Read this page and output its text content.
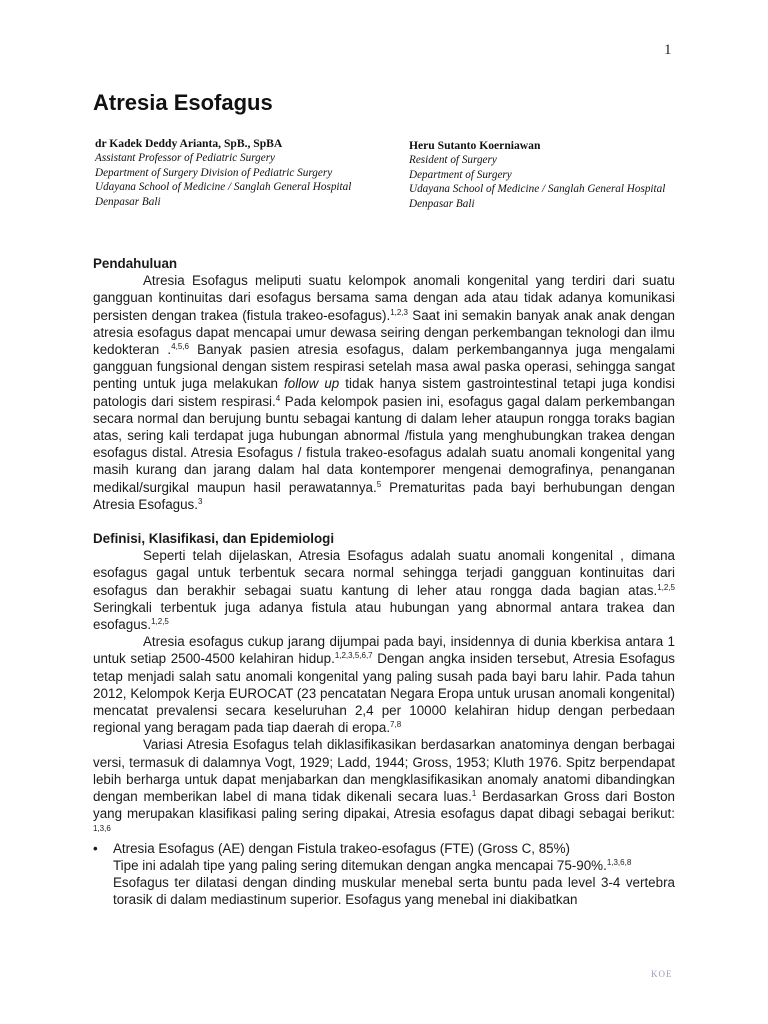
1
Atresia Esofagus
dr Kadek Deddy Arianta, SpB., SpBA
Assistant Professor of Pediatric Surgery
Department of Surgery Division of Pediatric Surgery
Udayana School of Medicine / Sanglah General Hospital
Denpasar Bali
Heru Sutanto Koerniawan
Resident of Surgery
Department of Surgery
Udayana School of Medicine / Sanglah General Hospital
Denpasar Bali
Pendahuluan

Atresia Esofagus meliputi suatu kelompok anomali kongenital yang terdiri dari suatu gangguan kontinuitas dari esofagus bersama sama dengan ada atau tidak adanya komunikasi persisten dengan trakea (fistula trakeo-esofagus).$^{1,2,3}$ Saat ini semakin banyak anak anak dengan atresia esofagus dapat mencapai umur dewasa seiring dengan perkembangan teknologi dan ilmu kedokteran .$^{4,5,6}$ Banyak pasien atresia esofagus, dalam perkembangannya juga mengalami gangguan fungsional dengan sistem respirasi setelah masa awal paska operasi, sehingga sangat penting untuk juga melakukan follow up tidak hanya sistem gastrointestinal tetapi juga kondisi patologis dari sistem respirasi.$^4$ Pada kelompok pasien ini, esofagus gagal dalam perkembangan secara normal dan berujung buntu sebagai kantung di dalam leher ataupun rongga toraks bagian atas, sering kali terdapat juga hubungan abnormal /fistula yang menghubungkan trakea dengan esofagus distal. Atresia Esofagus / fistula trakeo-esofagus adalah suatu anomali kongenital yang masih kurang dan jarang dalam hal data kontemporer mengenai demografinya, penanganan medikal/surgikal maupun hasil perawatannya.$^5$ Prematuritas pada bayi berhubungan dengan Atresia Esofagus.$^3$

Definisi, Klasifikasi, dan Epidemiologi

Seperti telah dijelaskan, Atresia Esofagus adalah suatu anomali kongenital , dimana esofagus gagal untuk terbentuk secara normal sehingga terjadi gangguan kontinuitas dari esofagus dan berakhir sebagai suatu kantung di leher atau rongga dada bagian atas.$^{1,2,5}$ Seringkali terbentuk juga adanya fistula atau hubungan yang abnormal antara trakea dan esofagus.$^{1,2,5}$

Atresia esofagus cukup jarang dijumpai pada bayi, insidennya di dunia kberkisa antara 1 untuk setiap 2500-4500 kelahiran hidup.$^{1,2,3,5,6,7}$ Dengan angka insiden tersebut, Atresia Esofagus tetap menjadi salah satu anomali kongenital yang paling susah pada bayi baru lahir. Pada tahun 2012, Kelompok Kerja EUROCAT (23 pencatatan Negara Eropa untuk urusan anomali kongenital) mencatat prevalensi secara keseluruhan 2,4 per 10000 kelahiran hidup dengan perbedaan regional yang beragam pada tiap daerah di eropa.$^{7,8}$

Variasi Atresia Esofagus telah diklasifikasikan berdasarkan anatominya dengan berbagai versi, termasuk di dalamnya Vogt, 1929; Ladd, 1944; Gross, 1953; Kluth 1976. Spitz berpendapat lebih berharga untuk dapat menjabarkan dan mengklasifikasikan anomaly anatomi dibandingkan dengan memberikan label di mana tidak dikenali secara luas.$^1$ Berdasarkan Gross dari Boston yang merupakan klasifikasi paling sering dipakai, Atresia esofagus dapat dibagi sebagai berikut: $^{1,3,6}$

• Atresia Esofagus (AE) dengan Fistula trakeo-esofagus (FTE) (Gross C, 85%)
Tipe ini adalah tipe yang paling sering ditemukan dengan angka mencapai 75-90%.$^{1,3,6,8}$
Esofagus ter dilatasi dengan dinding muskular menebal serta buntu pada level 3-4 vertebra torasik di dalam mediastinum superior. Esofagus yang menebal ini diakibatkan
KOE
